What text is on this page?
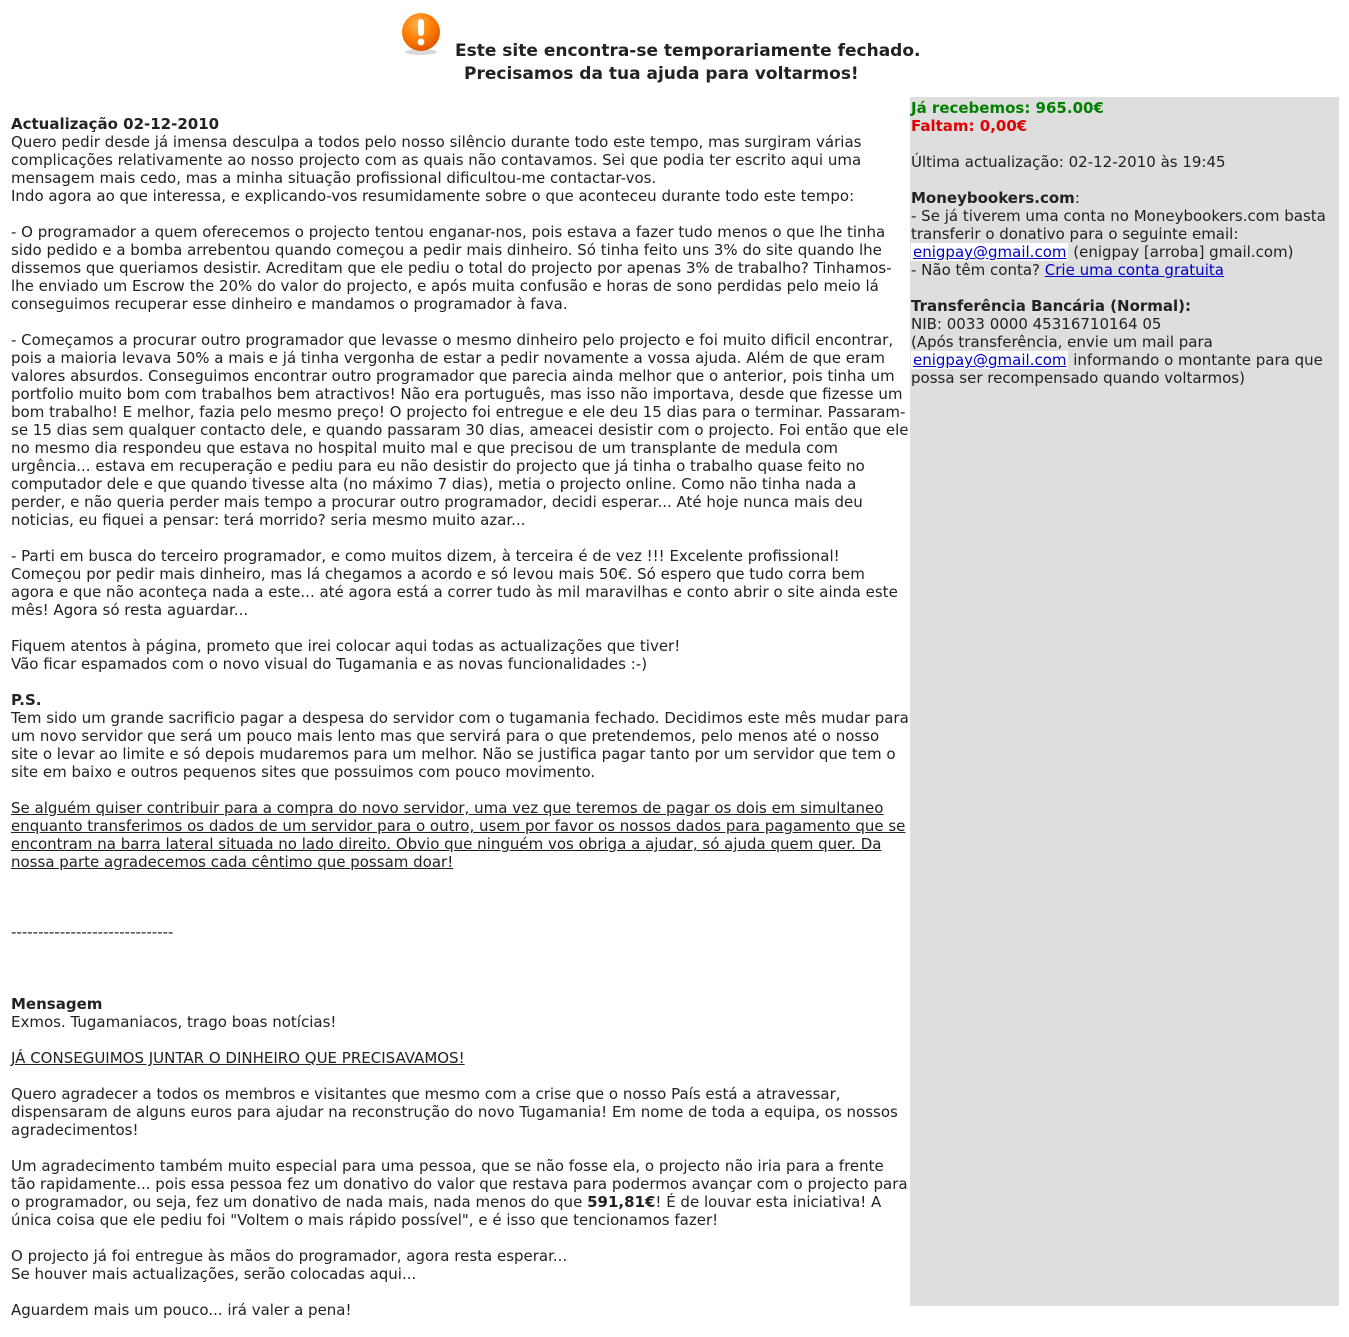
Este site encontra-se temporariamente fechado.
Precisamos da tua ajuda para voltarmos!
Actualização 02-12-2010

Quero pedir desde já imensa desculpa a todos pelo nosso silêncio durante todo este tempo, mas surgiram várias complicações relativamente ao nosso projecto com as quais não contavamos. Sei que podia ter escrito aqui uma mensagem mais cedo, mas a minha situação profissional dificultou-me contactar-vos.

Indo agora ao que interessa, e explicando-vos resumidamente sobre o que aconteceu durante todo este tempo:

- O programador a quem oferecemos o projecto tentou enganar-nos, pois estava a fazer tudo menos o que lhe tinha sido pedido e a bomba arrebentou quando começou a pedir mais dinheiro. Só tinha feito uns 3% do site quando lhe dissemos que queriamos desistir. Acreditam que ele pediu o total do projecto por apenas 3% de trabalho? Tinhamos-lhe enviado um Escrow the 20% do valor do projecto, e após muita confusão e horas de sono perdidas pelo meio lá conseguimos recuperar esse dinheiro e mandamos o programador à fava.

- Começamos a procurar outro programador que levasse o mesmo dinheiro pelo projecto e foi muito dificil encontrar, pois a maioria levava 50% a mais e já tinha vergonha de estar a pedir novamente a vossa ajuda. Além de que eram valores absurdos. Conseguimos encontrar outro programador que parecia ainda melhor que o anterior, pois tinha um portfolio muito bom com trabalhos bem atractivos! Não era português, mas isso não importava, desde que fizesse um bom trabalho! E melhor, fazia pelo mesmo preço! O projecto foi entregue e ele deu 15 dias para o terminar. Passaram-se 15 dias sem qualquer contacto dele, e quando passaram 30 dias, ameacei desistir com o projecto. Foi então que ele no mesmo dia respondeu que estava no hospital muito mal e que precisou de um transplante de medula com urgência... estava em recuperação e pediu para eu não desistir do projecto que já tinha o trabalho quase feito no computador dele e que quando tivesse alta (no máximo 7 dias), metia o projecto online. Como não tinha nada a perder, e não queria perder mais tempo a procurar outro programador, decidi esperar... Até hoje nunca mais deu noticias, eu fiquei a pensar: terá morrido? seria mesmo muito azar...

- Parti em busca do terceiro programador, e como muitos dizem, à terceira é de vez !!! Excelente profissional! Começou por pedir mais dinheiro, mas lá chegamos a acordo e só levou mais 50€. Só espero que tudo corra bem agora e que não aconteça nada a este... até agora está a correr tudo às mil maravilhas e conto abrir o site ainda este mês! Agora só resta aguardar...

Fiquem atentos à página, prometo que irei colocar aqui todas as actualizações que tiver!

Vão ficar espamados com o novo visual do Tugamania e as novas funcionalidades :-)

P.S.

Tem sido um grande sacrificio pagar a despesa do servidor com o tugamania fechado. Decidimos este mês mudar para um novo servidor que será um pouco mais lento mas que servirá para o que pretendemos, pelo menos até o nosso site o levar ao limite e só depois mudaremos para um melhor. Não se justifica pagar tanto por um servidor que tem o site em baixo e outros pequenos sites que possuimos com pouco movimento.

Se alguém quiser contribuir para a compra do novo servidor, uma vez que teremos de pagar os dois em simultaneo enquanto transferimos os dados de um servidor para o outro, usem por favor os nossos dados para pagamento que se encontram na barra lateral situada no lado direito. Obvio que ninguém vos obriga a ajudar, só ajuda quem quer. Da nossa parte agradecemos cada cêntimo que possam doar!

------------------------------
Mensagem

Exmos. Tugamaniacos, trago boas notícias!

JÁ CONSEGUIMOS JUNTAR O DINHEIRO QUE PRECISAVAMOS!

Quero agradecer a todos os membros e visitantes que mesmo com a crise que o nosso País está a atravessar, dispensaram de alguns euros para ajudar na reconstrução do novo Tugamania! Em nome de toda a equipa, os nossos agradecimentos!

Um agradecimento também muito especial para uma pessoa, que se não fosse ela, o projecto não iria para a frente tão rapidamente... pois essa pessoa fez um donativo do valor que restava para podermos avançar com o projecto para o programador, ou seja, fez um donativo de nada mais, nada menos do que 591,81€! É de louvar esta iniciativa! A única coisa que ele pediu foi "Voltem o mais rápido possível", e é isso que tencionamos fazer!

O projecto já foi entregue às mãos do programador, agora resta esperar...

Se houver mais actualizações, serão colocadas aqui...

Aguardem mais um pouco... irá valer a pena!

Já recebemos: 965.00€

Faltam: 0,00€

Última actualização: 02-12-2010 às 19:45

Moneybookers.com:

- Se já tiverem uma conta no Moneybookers.com basta transferir o donativo para o seguinte email:

enigpay@gmail.com (enigpay [arroba] gmail.com)

- Não têm conta? Crie uma conta gratuita

Transferência Bancária (Normal):

NIB: 0033 0000 45316710164 05

(Após transferência, envie um mail para

enigpay@gmail.com informando o montante para que possa ser recompensado quando voltarmos)
